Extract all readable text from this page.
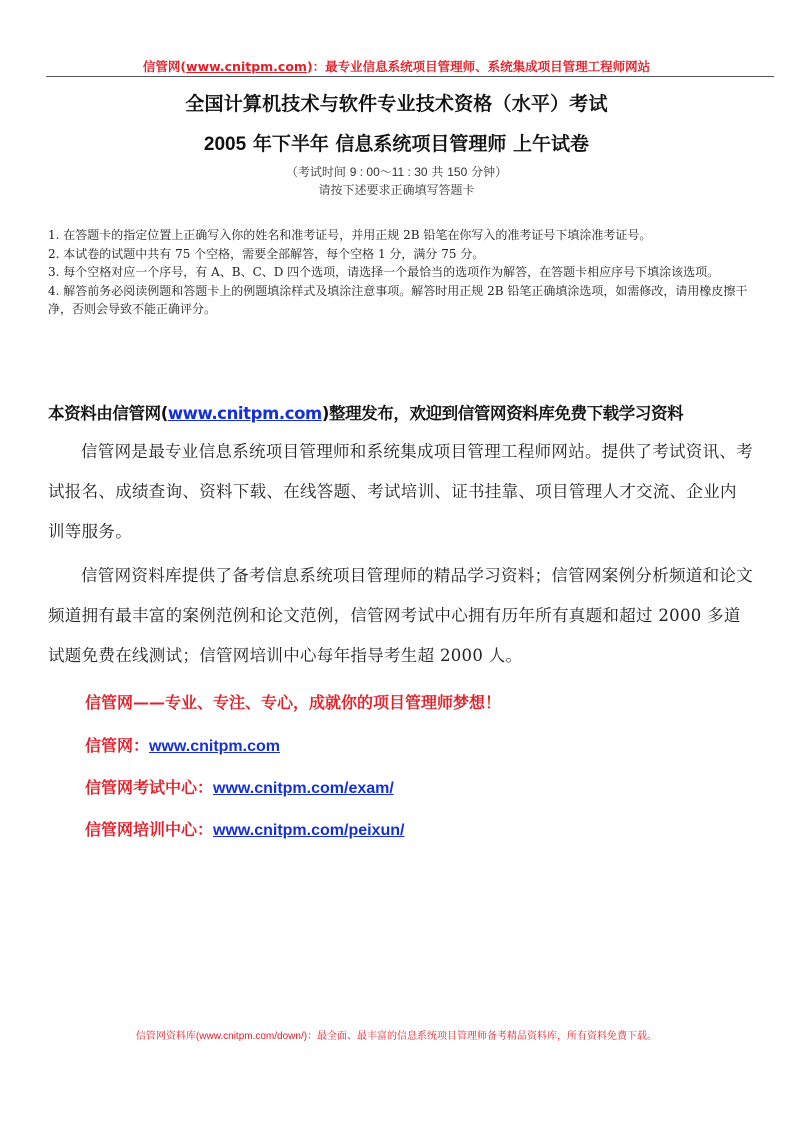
信管网(www.cnitpm.com)：最专业信息系统项目管理师、系统集成项目管理工程师网站
全国计算机技术与软件专业技术资格（水平）考试
2005 年下半年 信息系统项目管理师 上午试卷
（考试时间 9 : 00～11 : 30 共 150 分钟）
请按下述要求正确填写答题卡

1. 在答题卡的指定位置上正确写入你的姓名和准考证号，并用正规 2B 铅笔在你写入的准考证号下填涂准考证号。

2. 本试卷的试题中共有 75 个空格，需要全部解答，每个空格 1 分，满分 75 分。

3. 每个空格对应一个序号，有 A、B、C、D 四个选项，请选择一个最恰当的选项作为解答，在答题卡相应序号下填涂该选项。

4. 解答前务必阅读例题和答题卡上的例题填涂样式及填涂注意事项。解答时用正规 2B 铅笔正确填涂选项，如需修改，请用橡皮擦干净，否则会导致不能正确评分。

本资料由信管网(www.cnitpm.com)整理发布，欢迎到信管网资料库免费下载学习资料
信管网是最专业信息系统项目管理师和系统集成项目管理工程师网站。提供了考试资讯、考试报名、成绩查询、资料下载、在线答题、考试培训、证书挂靠、项目管理人才交流、企业内训等服务。
信管网资料库提供了备考信息系统项目管理师的精品学习资料；信管网案例分析频道和论文频道拥有最丰富的案例范例和论文范例，信管网考试中心拥有历年所有真题和超过 2000 多道试题免费在线测试；信管网培训中心每年指导考生超 2000 人。
信管网——专业、专注、专心，成就你的项目管理师梦想！
信管网：www.cnitpm.com
信管网考试中心：www.cnitpm.com/exam/
信管网培训中心：www.cnitpm.com/peixun/
信管网资料库(www.cnitpm.com/down/)：最全面、最丰富的信息系统项目管理师备考精品资料库，所有资料免费下载。
